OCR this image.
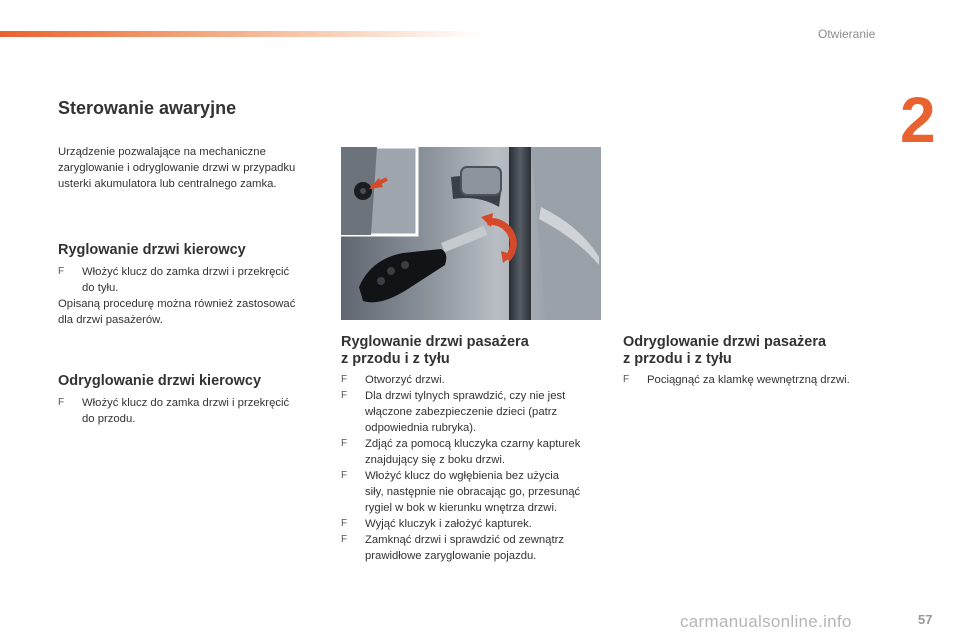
Otwieranie
2
Sterowanie awaryjne
Urządzenie pozwalające na mechaniczne
zaryglowanie i odryglowanie drzwi w przypadku
usterki akumulatora lub centralnego zamka.
Ryglowanie drzwi kierowcy
F Włożyć klucz do zamka drzwi i przekręcić
do tyłu.
Opisaną procedurę można również zastosować
dla drzwi pasażerów.
Odryglowanie drzwi kierowcy
F Włożyć klucz do zamka drzwi i przekręcić
do przodu.
Ryglowanie drzwi pasażera
z przodu i z tyłu
F Otworzyć drzwi.
F Dla drzwi tylnych sprawdzić, czy nie jest
włączone zabezpieczenie dzieci (patrz
odpowiednia rubryka).
F Zdjąć za pomocą kluczyka czarny kapturek
znajdujący się z boku drzwi.
F Włożyć klucz do wgłębienia bez użycia
siły, następnie nie obracając go, przesunąć
rygiel w bok w kierunku wnętrza drzwi.
F Wyjąć kluczyk i założyć kapturek.
F Zamknąć drzwi i sprawdzić od zewnątrz
prawidłowe zaryglowanie pojazdu.
Odryglowanie drzwi pasażera
z przodu i z tyłu
F Pociągnąć za klamkę wewnętrzną drzwi.
carmanualsonline.info	57
